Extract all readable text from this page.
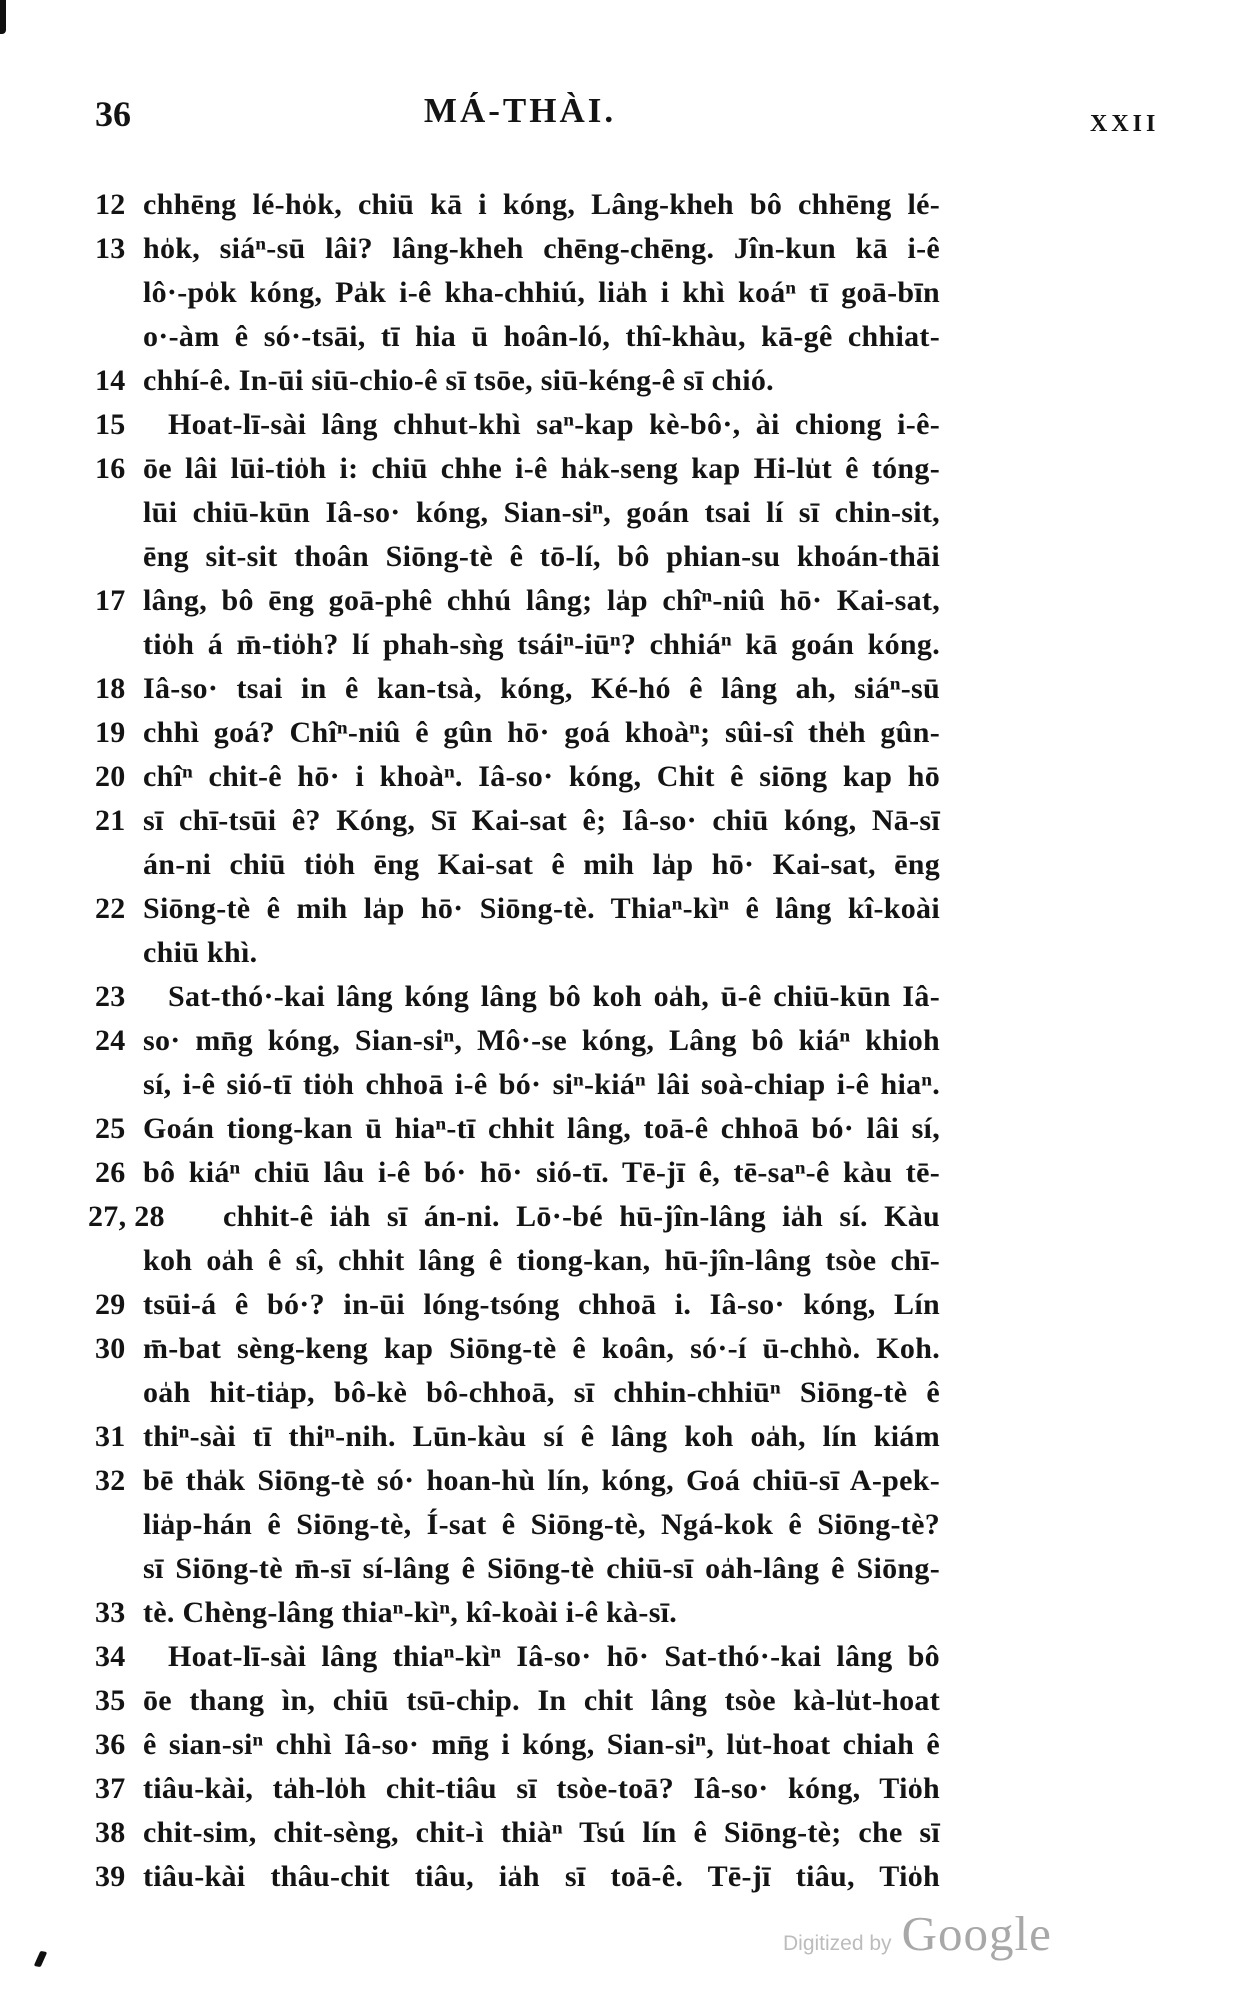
36	MÁ-THÀI.	XXII
12 chhēng lé-ho̍k, chiū kā i kóng, Lâng-kheh bô chhēng lé-
13 ho̍k, siáⁿ-sū lâi? lâng-kheh chēng-chēng. Jîn-kun kā i-ê
lô·-po̍k kóng, Pa̍k i-ê kha-chhiú, lia̍h i khì koáⁿ tī goā-bīn
o·-àm ê só·-tsāi, tī hia ū hoân-ló, thî-khàu, kā-gê chhiat-
14 chhí-ê. In-ūi siū-chio-ê sī tsōe, siū-kéng-ê sī chió.
15 Hoat-lī-sài lâng chhut-khì saⁿ-kap kè-bô·, ài chiong i-ê-
16 ōe lâi lūi-tio̍h i: chiū chhe i-ê ha̍k-seng kap Hi-lu̍t ê tóng-
lūi chiū-kūn Iâ-so· kóng, Sian-siⁿ, goán tsai lí sī chin-sit,
ēng sit-sit thoân Siōng-tè ê tō-lí, bô phian-su khoán-thāi
17 lâng, bô ēng goā-phê chhú lâng; la̍p chîⁿ-niû hō· Kai-sat,
tio̍h á m̄-tio̍h? lí phah-sǹg tsáiⁿ-iūⁿ? chhiáⁿ kā goán kóng.
18 Iâ-so· tsai in ê kan-tsà, kóng, Ké-hó ê lâng ah, siáⁿ-sū
19 chhì goá? Chîⁿ-niû ê gûn hō· goá khoàⁿ; sûi-sî the̍h gûn-
20 chîⁿ chit-ê hō· i khoàⁿ. Iâ-so· kóng, Chit ê siōng kap hō
21 sī chī-tsūi ê? Kóng, Sī Kai-sat ê; Iâ-so· chiū kóng, Nā-sī
án-ni chiū tio̍h ēng Kai-sat ê mih la̍p hō· Kai-sat, ēng
22 Siōng-tè ê mih la̍p hō· Siōng-tè. Thiaⁿ-kìⁿ ê lâng kî-koài
chiū khì.
23 Sat-thó·-kai lâng kóng lâng bô koh oa̍h, ū-ê chiū-kūn Iâ-
24 so· mn̄g kóng, Sian-siⁿ, Mô·-se kóng, Lâng bô kiáⁿ khioh
sí, i-ê sió-tī tio̍h chhoā i-ê bó· siⁿ-kiáⁿ lâi soà-chiap i-ê hiaⁿ.
25 Goán tiong-kan ū hiaⁿ-tī chhit lâng, toā-ê chhoā bó· lâi sí,
26 bô kiáⁿ chiū lâu i-ê bó· hō· sió-tī. Tē-jī ê, tē-saⁿ-ê kàu tē-
27, 28 chhit-ê ia̍h sī án-ni. Lō·-bé hū-jîn-lâng ia̍h sí. Kàu
koh oa̍h ê sî, chhit lâng ê tiong-kan, hū-jîn-lâng tsòe chī-
29 tsūi-á ê bó·? in-ūi lóng-tsóng chhoā i. Iâ-so· kóng, Lín
30 m̄-bat sèng-keng kap Siōng-tè ê koân, só·-í ū-chhò. Koh.
oa̍h hit-tia̍p, bô-kè bô-chhoā, sī chhin-chhiūⁿ Siōng-tè ê
31 thiⁿ-sài tī thiⁿ-nih. Lūn-kàu sí ê lâng koh oa̍h, lín kiám
32 bē tha̍k Siōng-tè só· hoan-hù lín, kóng, Goá chiū-sī A-pek-
lia̍p-hán ê Siōng-tè, Í-sat ê Siōng-tè, Ngá-kok ê Siōng-tè?
sī Siōng-tè m̄-sī sí-lâng ê Siōng-tè chiū-sī oa̍h-lâng ê Siōng-
33 tè. Chèng-lâng thiaⁿ-kìⁿ, kî-koài i-ê kà-sī.
34 Hoat-lī-sài lâng thiaⁿ-kìⁿ Iâ-so· hō· Sat-thó·-kai lâng bô
35 ōe thang ìn, chiū tsū-chip. In chit lâng tsòe kà-lu̍t-hoat
36 ê sian-siⁿ chhì Iâ-so· mn̄g i kóng, Sian-siⁿ, lu̍t-hoat chiah ê
37 tiâu-kài, ta̍h-lo̍h chit-tiâu sī tsòe-toā? Iâ-so· kóng, Tio̍h
38 chit-sim, chit-sèng, chit-ì thiàⁿ Tsú lín ê Siōng-tè; che sī
39 tiâu-kài thâu-chit tiâu, ia̍h sī toā-ê. Tē-jī tiâu, Tio̍h
Digitized by Google
